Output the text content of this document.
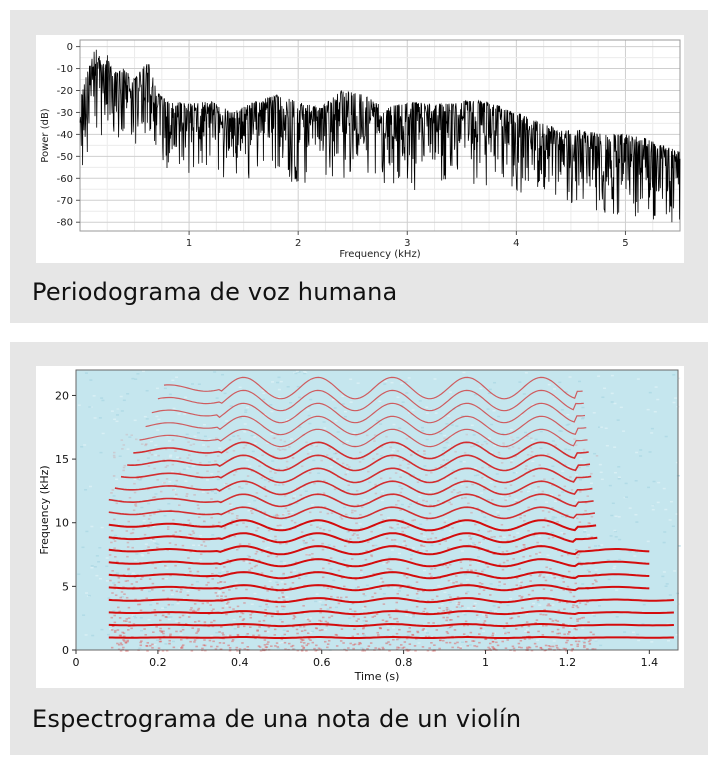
0
-10
-20
-30
-40
-50
-60
-70
-80
1	2	3	4	5
Frequency (kHz)
Power (dB)
Periodograma de voz humana
0
5
10
15
20
0	0.2	0.4	0.6	0.8	1	1.2	1.4
Time (s)
Frequency (kHz)
Espectrograma de una nota de un violín
